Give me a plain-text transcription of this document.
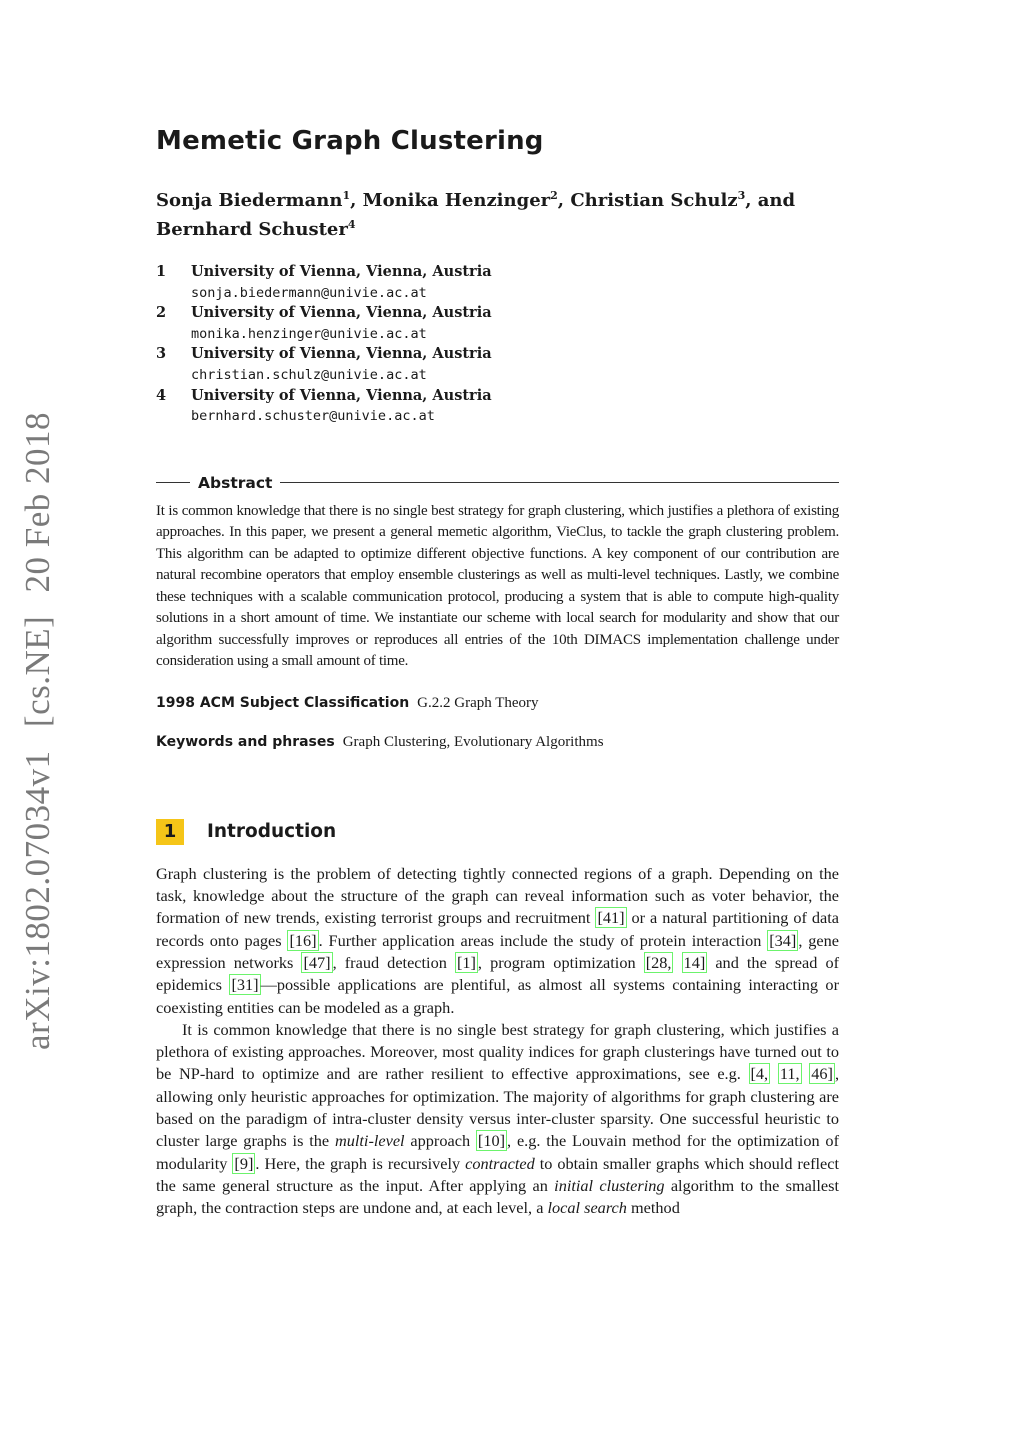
arXiv:1802.07034v1 [cs.NE] 20 Feb 2018
Memetic Graph Clustering
Sonja Biedermann$^1$, Monika Henzinger$^2$, Christian Schulz$^3$, and
Bernhard Schuster$^4$
1	University of Vienna, Vienna, Austria
sonja.biedermann@univie.ac.at
2	University of Vienna, Vienna, Austria
monika.henzinger@univie.ac.at
3	University of Vienna, Vienna, Austria
christian.schulz@univie.ac.at
4	University of Vienna, Vienna, Austria
bernhard.schuster@univie.ac.at
Abstract
It is common knowledge that there is no single best strategy for graph clustering, which justifies a plethora of existing approaches. In this paper, we present a general memetic algorithm, VieClus, to tackle the graph clustering problem. This algorithm can be adapted to optimize different objective functions. A key component of our contribution are natural recombine operators that employ ensemble clusterings as well as multi-level techniques. Lastly, we combine these techniques with a scalable communication protocol, producing a system that is able to compute high-quality solutions in a short amount of time. We instantiate our scheme with local search for modularity and show that our algorithm successfully improves or reproduces all entries of the 10th DIMACS implementation challenge under consideration using a small amount of time.
1998 ACM Subject Classification G.2.2 Graph Theory
Keywords and phrases Graph Clustering, Evolutionary Algorithms
1	Introduction

Graph clustering is the problem of detecting tightly connected regions of a graph. Depending on the task, knowledge about the structure of the graph can reveal information such as voter behavior, the formation of new trends, existing terrorist groups and recruitment [41] or a natural partitioning of data records onto pages [16] . Further application areas include the study of protein interaction [34] , gene expression networks [47] , fraud detection [1] , program optimization [28, 14] and the spread of epidemics [31] —possible applications are plentiful, as almost all systems containing interacting or coexisting entities can be modeled as a graph.

It is common knowledge that there is no single best strategy for graph clustering, which justifies a plethora of existing approaches. Moreover, most quality indices for graph clusterings have turned out to be NP-hard to optimize and are rather resilient to effective approximations, see e.g. [4, 11, 46] , allowing only heuristic approaches for optimization. The majority of algorithms for graph clustering are based on the paradigm of intra-cluster density versus inter-cluster sparsity. One successful heuristic to cluster large graphs is the multi-level approach [10] , e.g. the Louvain method for the optimization of modularity [9] . Here, the graph is recursively contracted to obtain smaller graphs which should reflect the same general structure as the input. After applying an initial clustering algorithm to the smallest graph, the contraction steps are undone and, at each level, a local search method
